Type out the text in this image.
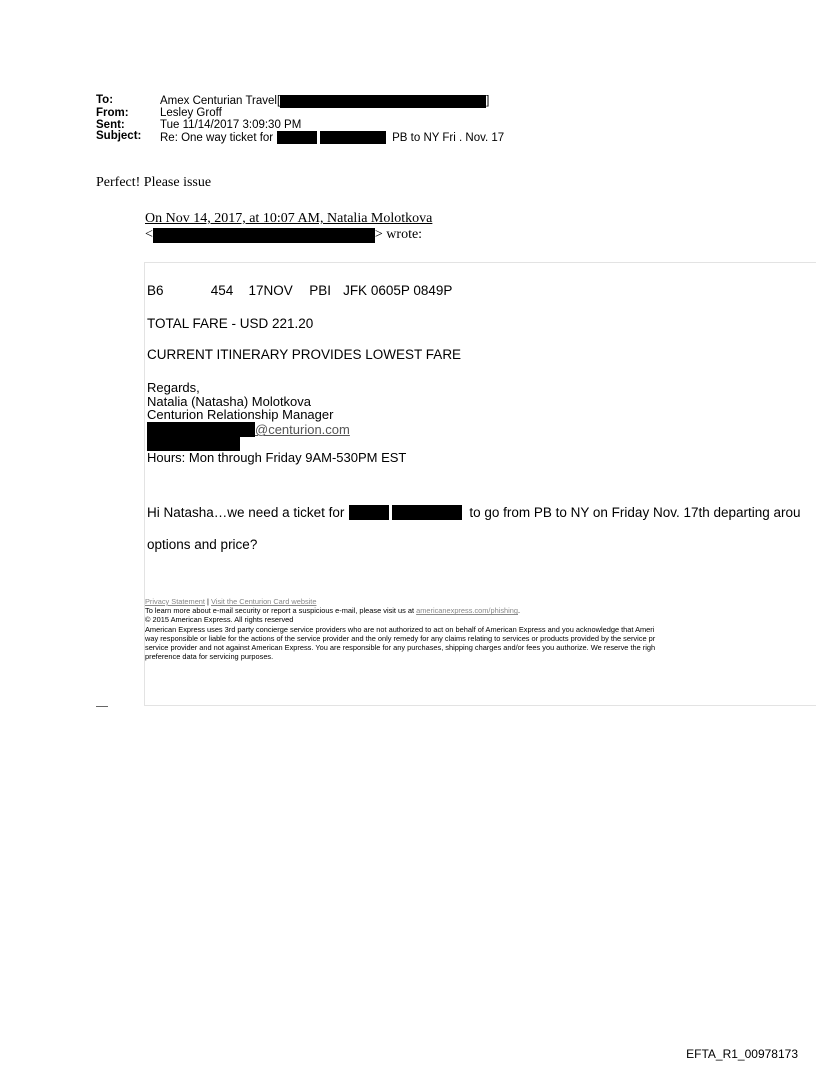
To:	Amex Centurian Travel[	]
From:	Lesley Groff
Sent:	Tue 11/14/2017 3:09:30 PM
Subject:	Re: One way ticket for	PB to NY Fri . Nov. 17
Perfect! Please issue
On Nov 14, 2017, at 10:07 AM, Natalia Molotkova
<	> wrote:
B6	454 17NOV PBI JFK 0605P 0849P
TOTAL FARE - USD 221.20
CURRENT ITINERARY PROVIDES LOWEST FARE
Regards,
Natalia (Natasha) Molotkova
Centurion Relationship Manager
@centurion.com
Hours: Mon through Friday 9AM-530PM EST
Hi Natasha…we need a ticket for	to go from PB to NY on Friday Nov. 17th departing arou
options and price?
Privacy Statement | Visit the Centurion Card website
To learn more about e-mail security or report a suspicious e-mail, please visit us at americanexpress.com/phishing.
© 2015 American Express. All rights reserved
American Express uses 3rd party concierge service providers who are not authorized to act on behalf of American Express and you acknowledge that Ameri
way responsible or liable for the actions of the service provider and the only remedy for any claims relating to services or products provided by the service pr
service provider and not against American Express. You are responsible for any purchases, shipping charges and/or fees you authorize. We reserve the righ
preference data for servicing purposes.
EFTA_R1_00978173
